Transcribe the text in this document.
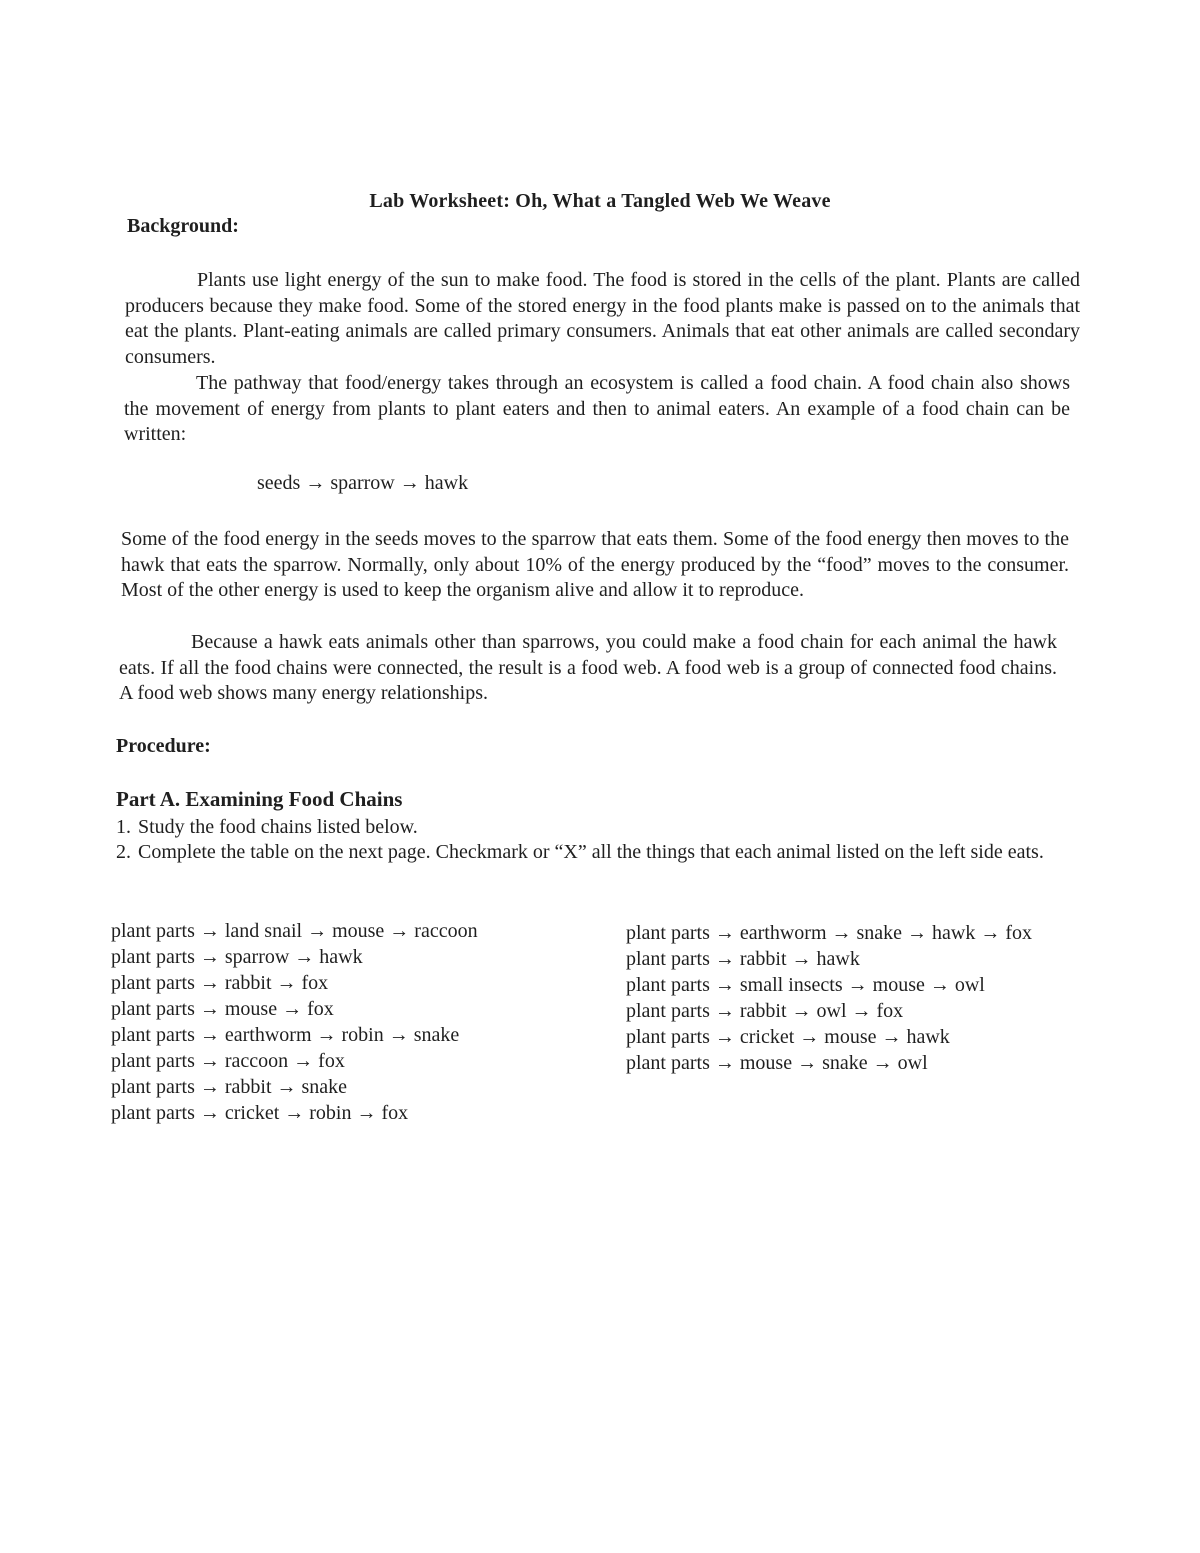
Lab Worksheet: Oh, What a Tangled Web We Weave
Background:

Plants use light energy of the sun to make food. The food is stored in the cells of the plant. Plants are called producers because they make food. Some of the stored energy in the food plants make is passed on to the animals that eat the plants. Plant-eating animals are called primary consumers. Animals that eat other animals are called secondary consumers.

The pathway that food/energy takes through an ecosystem is called a food chain. A food chain also shows the movement of energy from plants to plant eaters and then to animal eaters. An example of a food chain can be written:

seeds → sparrow → hawk

Some of the food energy in the seeds moves to the sparrow that eats them. Some of the food energy then moves to the hawk that eats the sparrow. Normally, only about 10% of the energy produced by the “food” moves to the consumer. Most of the other energy is used to keep the organism alive and allow it to reproduce.

Because a hawk eats animals other than sparrows, you could make a food chain for each animal the hawk eats. If all the food chains were connected, the result is a food web. A food web is a group of connected food chains. A food web shows many energy relationships.

Procedure:
Part A. Examining Food Chains
1. Study the food chains listed below.
2. Complete the table on the next page. Checkmark or “X” all the things that each animal listed on the left side eats.
plant parts → land snail → mouse → raccoon
plant parts → sparrow → hawk
plant parts → rabbit → fox
plant parts → mouse → fox
plant parts → earthworm → robin → snake
plant parts → raccoon → fox
plant parts → rabbit → snake
plant parts → cricket → robin → fox
plant parts → earthworm → snake → hawk → fox
plant parts → rabbit → hawk
plant parts → small insects → mouse → owl
plant parts → rabbit → owl → fox
plant parts → cricket → mouse → hawk
plant parts → mouse → snake → owl
